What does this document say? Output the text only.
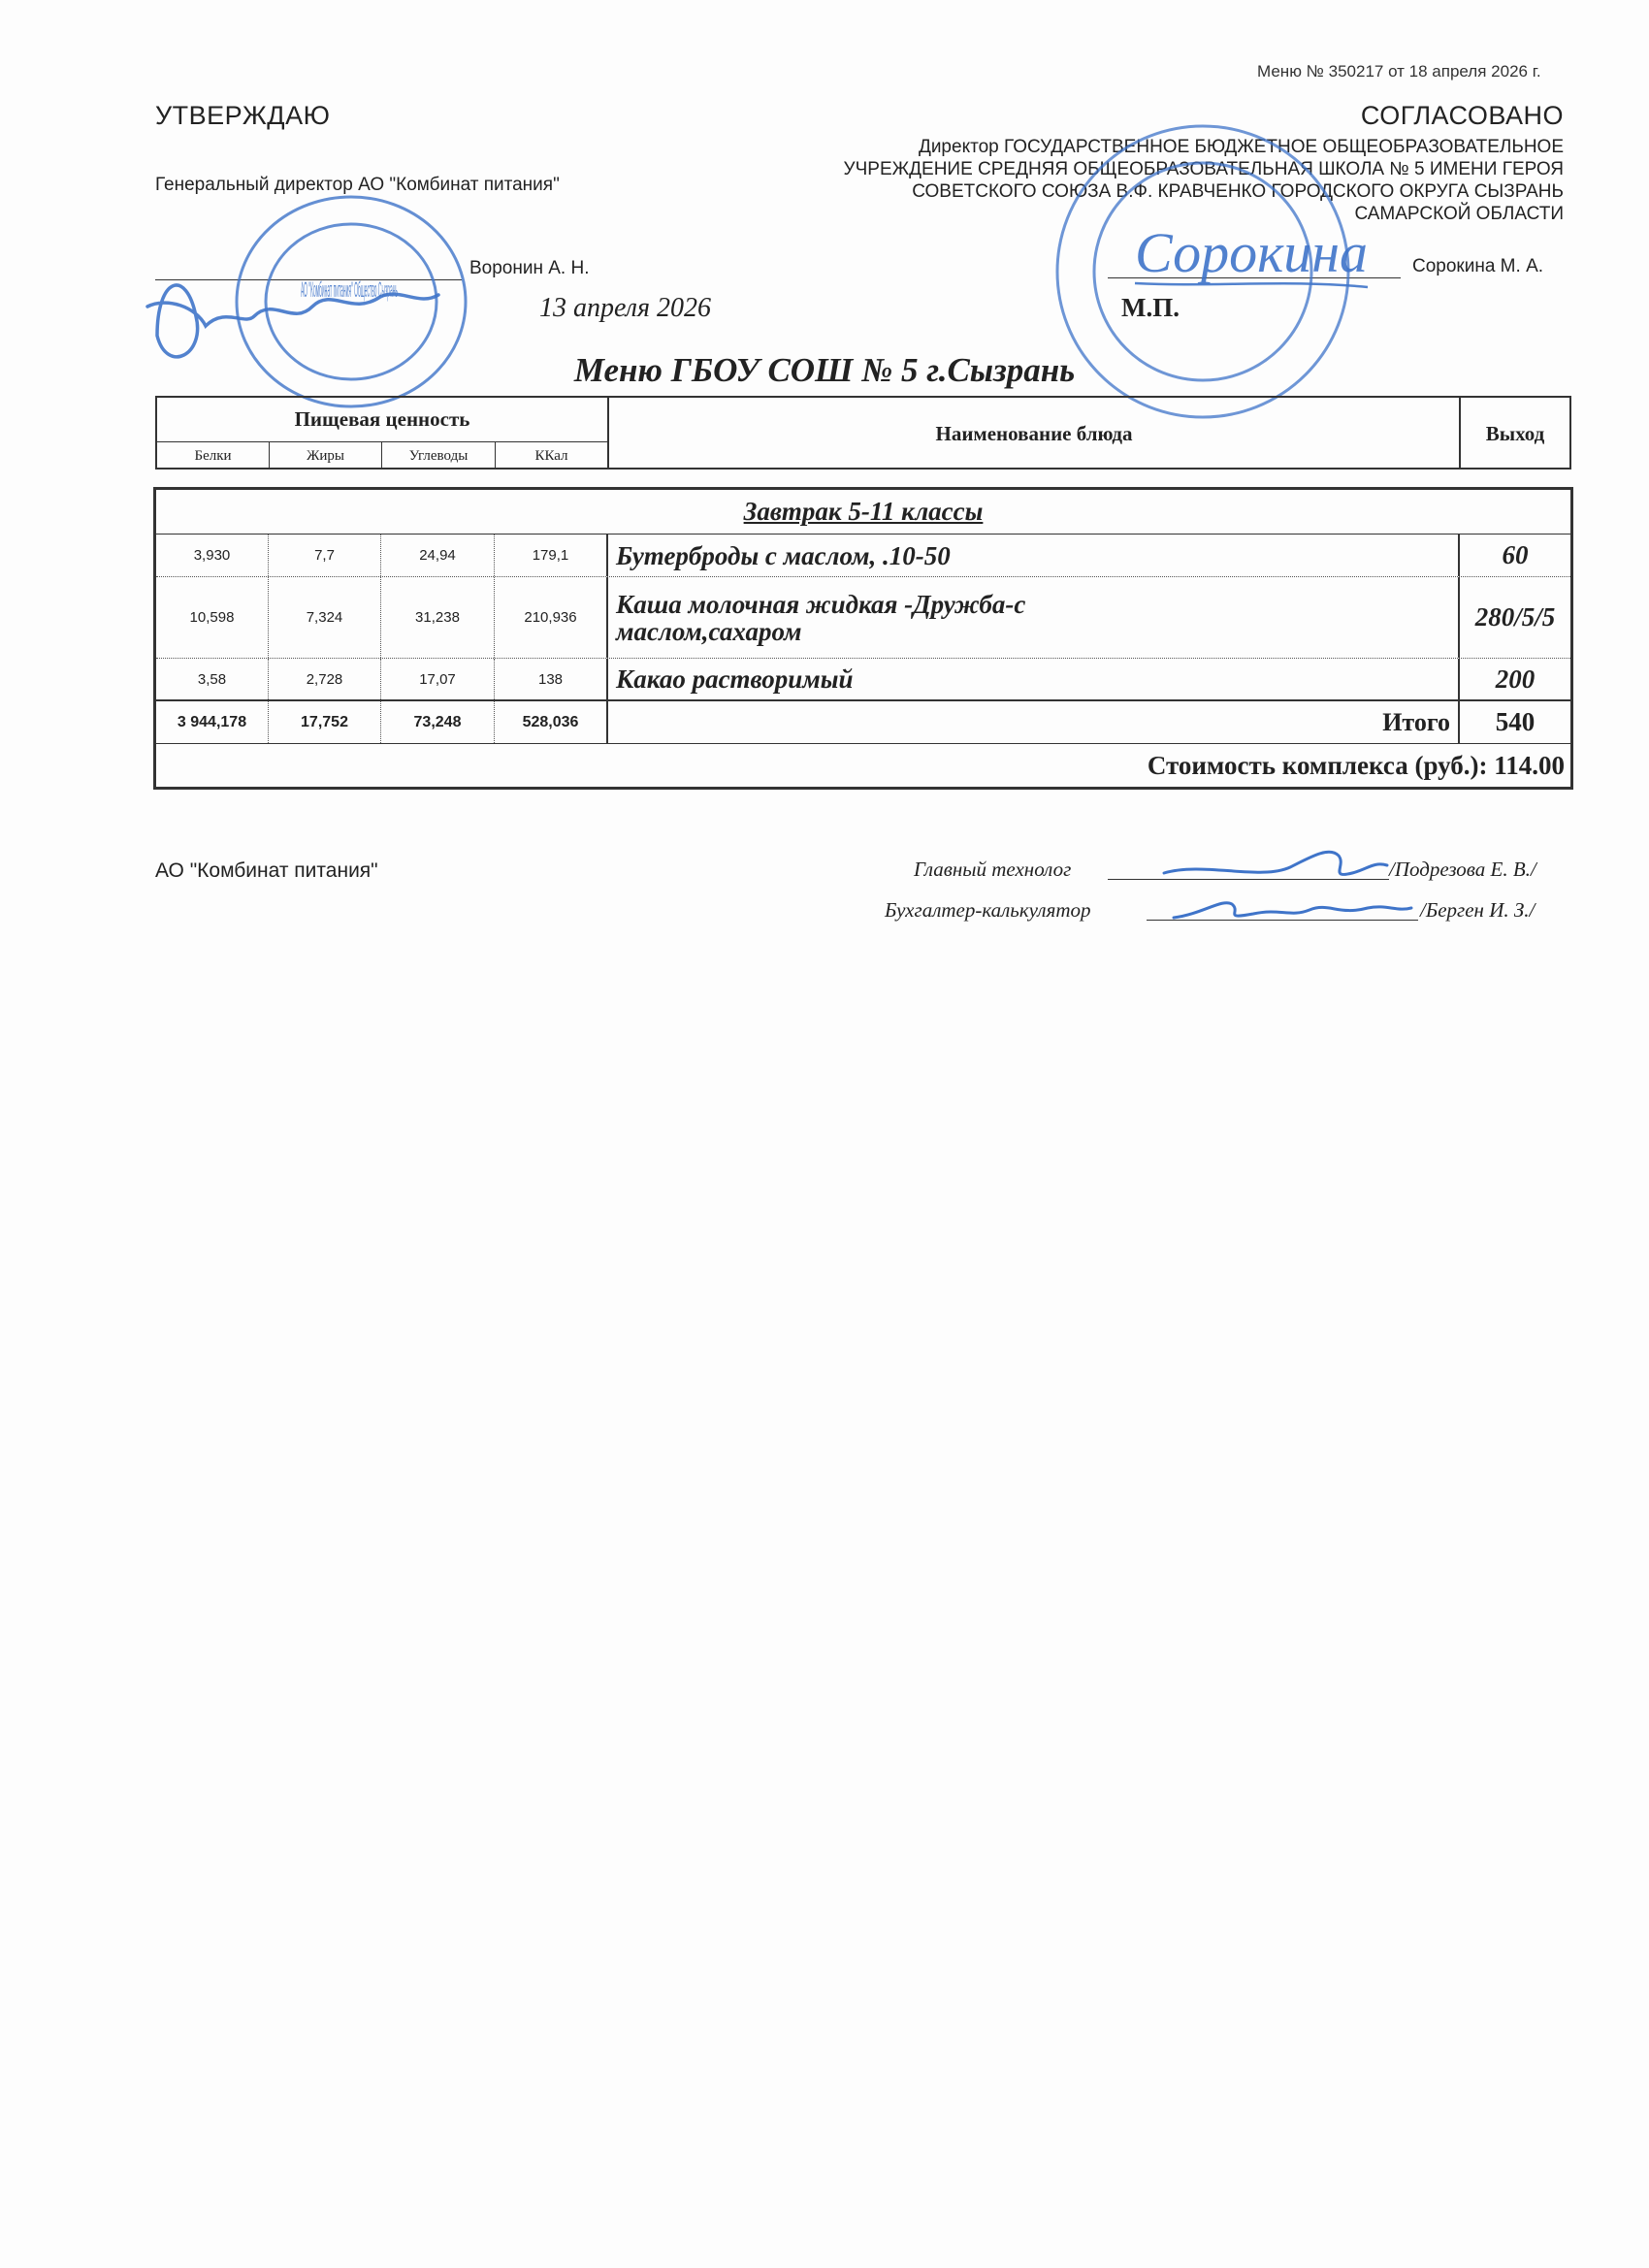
Меню № 350217 от 18 апреля 2026 г.
УТВЕРЖДАЮ
Генеральный директор АО "Комбинат питания"
Воронин А. Н.
13 апреля 2026
АО "Комбинат питания" Общество Сызрань
СОГЛАСОВАНО
Директор ГОСУДАРСТВЕННОЕ БЮДЖЕТНОЕ ОБЩЕОБРАЗОВАТЕЛЬНОЕ
УЧРЕЖДЕНИЕ СРЕДНЯЯ ОБЩЕОБРАЗОВАТЕЛЬНАЯ ШКОЛА № 5 ИМЕНИ ГЕРОЯ
СОВЕТСКОГО СОЮЗА В.Ф. КРАВЧЕНКО ГОРОДСКОГО ОКРУГА СЫЗРАНЬ
САМАРСКОЙ ОБЛАСТИ
Сорокина М. А.
М.П.
Сорокина
Меню ГБОУ СОШ № 5 г.Сызрань
Пищевая ценность
Белки	Жиры	Углеводы	ККал
Наименование блюда	Выход
Завтрак 5-11 классы
3,930	7,7	24,94	179,1	Бутерброды с маслом, .10-50	60
10,598	7,324	31,238	210,936	Каша молочная жидкая -Дружба-с маслом,сахаром	280/5/5
3,58	2,728	17,07	138	Какао растворимый	200
3 944,178	17,752	73,248	528,036	Итого	540
Стоимость комплекса (руб.): 114.00
АО "Комбинат питания"	Главный технолог	/Подрезова Е. В./
Бухгалтер-калькулятор	/Берген И. З./
